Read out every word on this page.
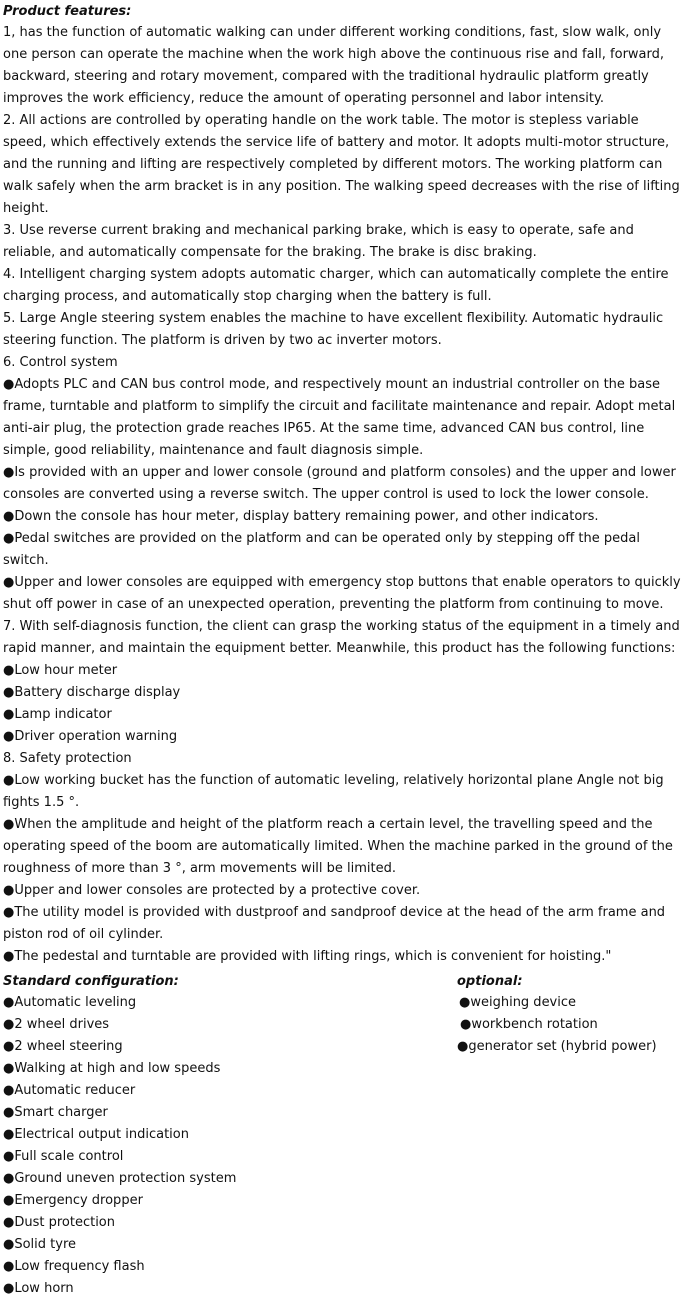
Product features:

1, has the function of automatic walking can under different working conditions, fast, slow walk, only one person can operate the machine when the work high above the continuous rise and fall, forward, backward, steering and rotary movement, compared with the traditional hydraulic platform greatly improves the work efficiency, reduce the amount of operating personnel and labor intensity.

2. All actions are controlled by operating handle on the work table. The motor is stepless variable speed, which effectively extends the service life of battery and motor. It adopts multi-motor structure, and the running and lifting are respectively completed by different motors. The working platform can walk safely when the arm bracket is in any position. The walking speed decreases with the rise of lifting height.

3. Use reverse current braking and mechanical parking brake, which is easy to operate, safe and reliable, and automatically compensate for the braking. The brake is disc braking.

4. Intelligent charging system adopts automatic charger, which can automatically complete the entire charging process, and automatically stop charging when the battery is full.

5. Large Angle steering system enables the machine to have excellent flexibility. Automatic hydraulic steering function. The platform is driven by two ac inverter motors.

6. Control system

●Adopts PLC and CAN bus control mode, and respectively mount an industrial controller on the base frame, turntable and platform to simplify the circuit and facilitate maintenance and repair. Adopt metal anti-air plug, the protection grade reaches IP65. At the same time, advanced CAN bus control, line simple, good reliability, maintenance and fault diagnosis simple.

●Is provided with an upper and lower console (ground and platform consoles) and the upper and lower consoles are converted using a reverse switch. The upper control is used to lock the lower console.

●Down the console has hour meter, display battery remaining power, and other indicators.

●Pedal switches are provided on the platform and can be operated only by stepping off the pedal switch.

●Upper and lower consoles are equipped with emergency stop buttons that enable operators to quickly shut off power in case of an unexpected operation, preventing the platform from continuing to move.

7. With self-diagnosis function, the client can grasp the working status of the equipment in a timely and rapid manner, and maintain the equipment better. Meanwhile, this product has the following functions:

●Low hour meter

●Battery discharge display

●Lamp indicator

●Driver operation warning

8. Safety protection

●Low working bucket has the function of automatic leveling, relatively horizontal plane Angle not big fights 1.5 °.

●When the amplitude and height of the platform reach a certain level, the travelling speed and the operating speed of the boom are automatically limited. When the machine parked in the ground of the roughness of more than 3 °, arm movements will be limited.

●Upper and lower consoles are protected by a protective cover.

●The utility model is provided with dustproof and sandproof device at the head of the arm frame and piston rod of oil cylinder.

●The pedestal and turntable are provided with lifting rings, which is convenient for hoisting."

Standard configuration:
●Automatic leveling
●2 wheel drives
●2 wheel steering
●Walking at high and low speeds
●Automatic reducer
●Smart charger
●Electrical output indication
●Full scale control
●Ground uneven protection system
●Emergency dropper
●Dust protection
●Solid tyre
●Low frequency flash
●Low horn
optional:
●weighing device
●workbench rotation
●generator set (hybrid power)
